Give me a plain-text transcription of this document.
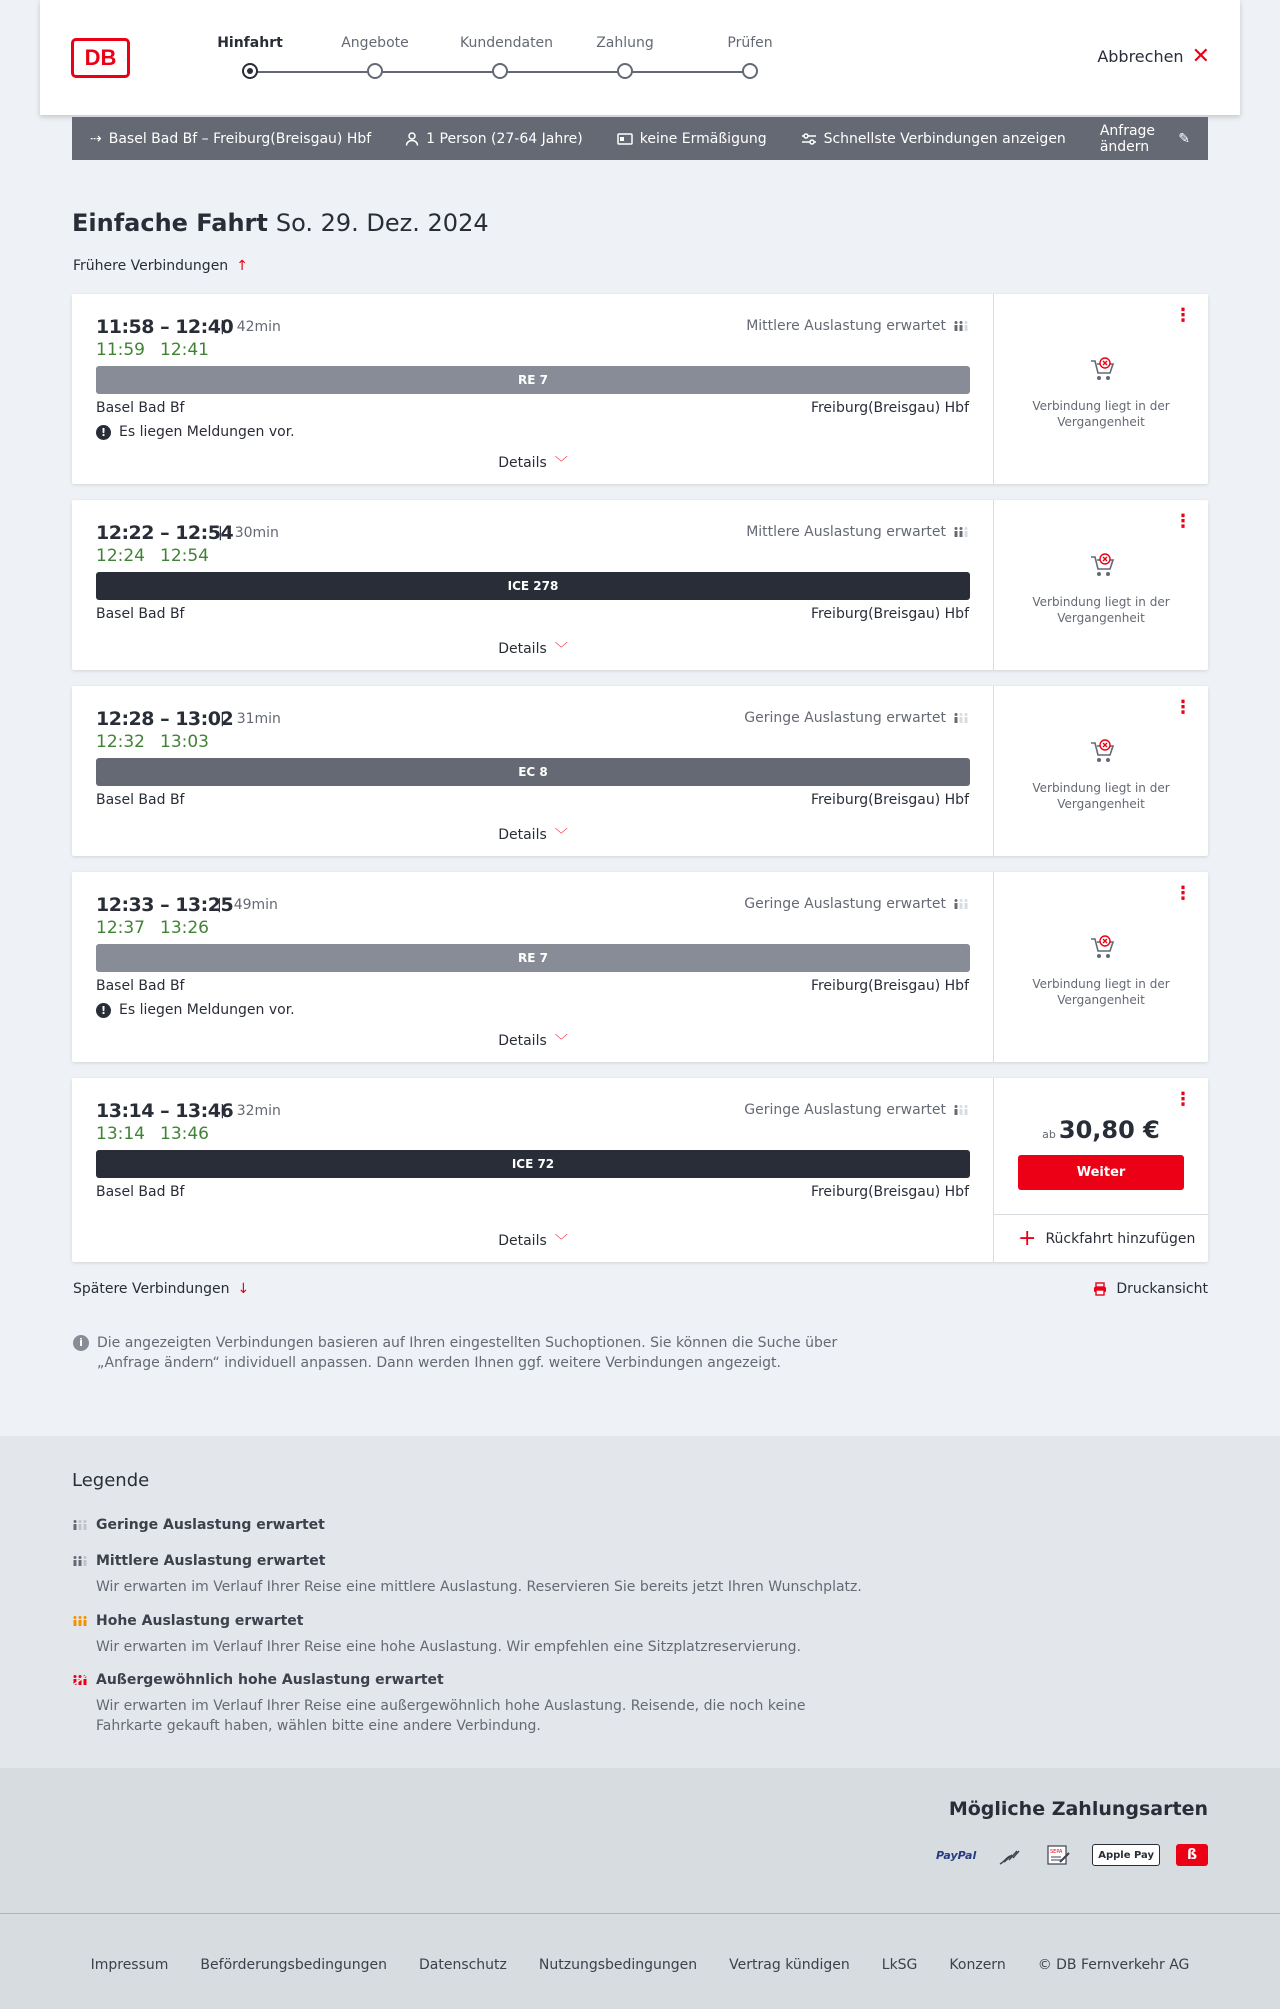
DB
Hinfahrt	Angebote	Kundendaten	Zahlung	Prüfen
Abbrechen ✕
⇢ Basel Bad Bf – Freiburg(Breisgau) Hbf	1 Person (27-64 Jahre)	keine Ermäßigung	Schnellste Verbindungen anzeigen Anfrage ändern	✎
Einfache Fahrt So. 29. Dez. 2024
Frühere Verbindungen ↑
11:58 – 12:40 | 42min
11:59 12:41
Mittlere Auslastung erwartet
RE 7
Basel Bad Bf	Freiburg(Breisgau) Hbf
! Es liegen Meldungen vor.
Details ﹀
⋮
Verbindung liegt in der Vergangenheit
12:22 – 12:54 | 30min
12:24 12:54
Mittlere Auslastung erwartet
ICE 278
Basel Bad Bf	Freiburg(Breisgau) Hbf
Details ﹀
⋮
Verbindung liegt in der Vergangenheit
12:28 – 13:02 | 31min
12:32 13:03
Geringe Auslastung erwartet
EC 8
Basel Bad Bf	Freiburg(Breisgau) Hbf
Details ﹀
⋮
Verbindung liegt in der Vergangenheit
12:33 – 13:25 | 49min
12:37 13:26
Geringe Auslastung erwartet
RE 7
Basel Bad Bf	Freiburg(Breisgau) Hbf
! Es liegen Meldungen vor.
Details ﹀
⋮
Verbindung liegt in der Vergangenheit
13:14 – 13:46 | 32min
13:14 13:46
Geringe Auslastung erwartet
ICE 72
Basel Bad Bf	Freiburg(Breisgau) Hbf
Details ﹀
⋮
ab 30,80 €
Weiter
+ Rückfahrt hinzufügen
Spätere Verbindungen ↓	Druckansicht
i	Die angezeigten Verbindungen basieren auf Ihren eingestellten Suchoptionen. Sie können die Suche über „Anfrage ändern“ individuell anpassen. Dann werden Ihnen ggf. weitere Verbindungen angezeigt.
Legende
Geringe Auslastung erwartet
Mittlere Auslastung erwartet
Wir erwarten im Verlauf Ihrer Reise eine mittlere Auslastung. Reservieren Sie bereits jetzt Ihren Wunschplatz.
Hohe Auslastung erwartet
Wir erwarten im Verlauf Ihrer Reise eine hohe Auslastung. Wir empfehlen eine Sitzplatzreservierung.
Außergewöhnlich hohe Auslastung erwartet
Wir erwarten im Verlauf Ihrer Reise eine außergewöhnlich hohe Auslastung. Reisende, die noch keine Fahrkarte gekauft haben, wählen bitte eine andere Verbindung.
Mögliche Zahlungsarten
PayPal	SEPA	Apple Pay	ß
Impressum Beförderungsbedingungen Datenschutz Nutzungsbedingungen Vertrag kündigen LkSG Konzern © DB Fernverkehr AG
